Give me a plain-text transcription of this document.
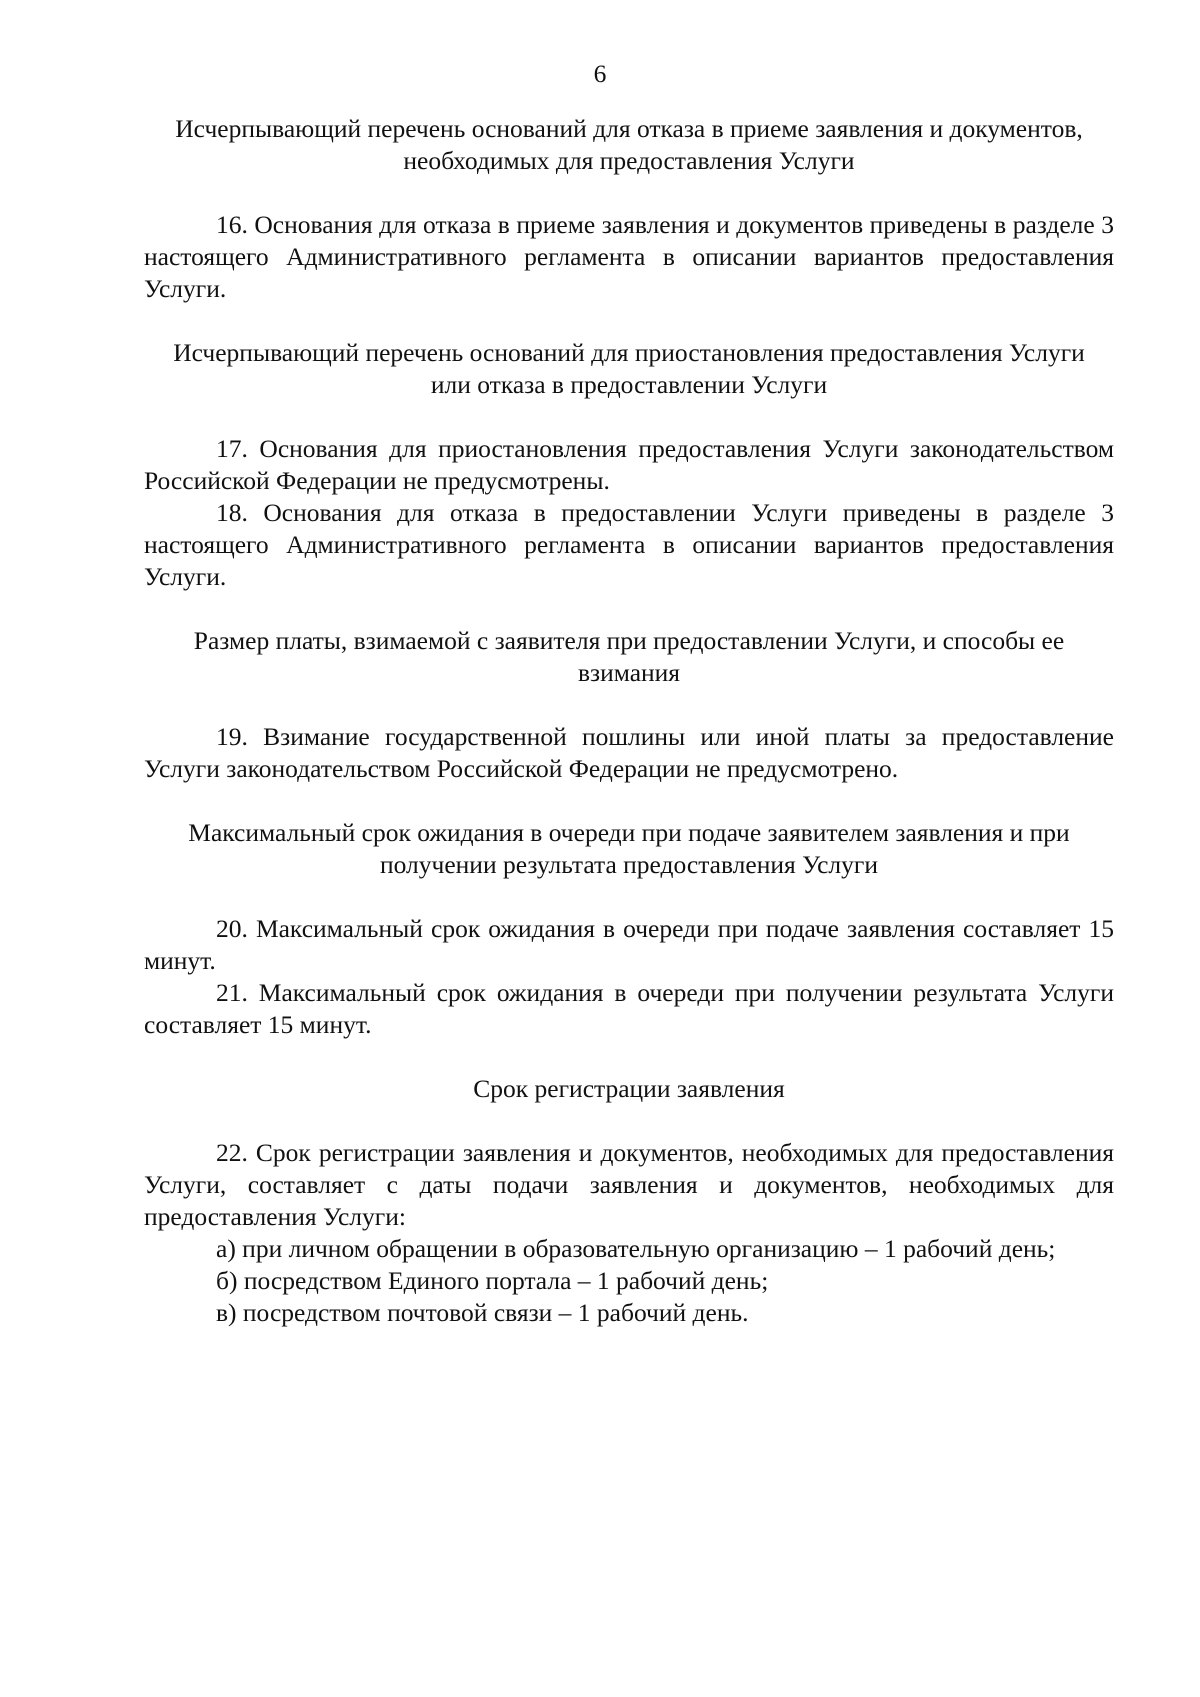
6
Исчерпывающий перечень оснований для отказа в приеме заявления и документов, необходимых для предоставления Услуги

16. Основания для отказа в приеме заявления и документов приведены в разделе 3 настоящего Административного регламента в описании вариантов предоставления Услуги.

Исчерпывающий перечень оснований для приостановления предоставления Услуги или отказа в предоставлении Услуги

17. Основания для приостановления предоставления Услуги законодательством Российской Федерации не предусмотрены.

18. Основания для отказа в предоставлении Услуги приведены в разделе 3 настоящего Административного регламента в описании вариантов предоставления Услуги.

Размер платы, взимаемой с заявителя при предоставлении Услуги, и способы ее взимания

19. Взимание государственной пошлины или иной платы за предоставление Услуги законодательством Российской Федерации не предусмотрено.

Максимальный срок ожидания в очереди при подаче заявителем заявления и при получении результата предоставления Услуги

20. Максимальный срок ожидания в очереди при подаче заявления составляет 15 минут.

21. Максимальный срок ожидания в очереди при получении результата Услуги составляет 15 минут.

Срок регистрации заявления

22. Срок регистрации заявления и документов, необходимых для предоставления Услуги, составляет с даты подачи заявления и документов, необходимых для предоставления Услуги:

а) при личном обращении в образовательную организацию – 1 рабочий день;

б) посредством Единого портала – 1 рабочий день;

в) посредством почтовой связи – 1 рабочий день.
